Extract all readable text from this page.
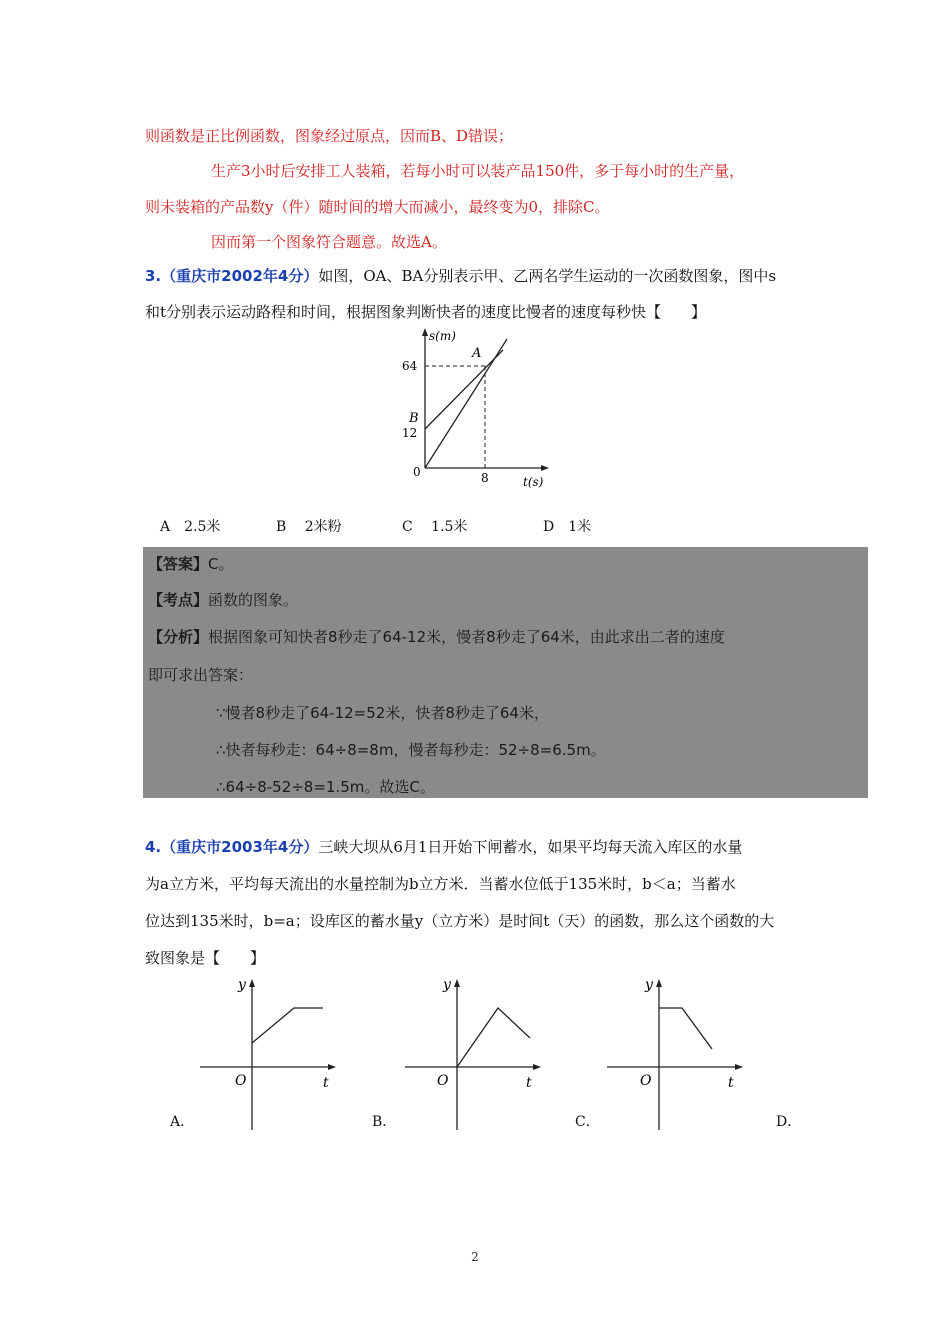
则函数是正比例函数，图象经过原点，因而B、D错误；
生产3小时后安排工人装箱，若每小时可以装产品150件，多于每小时的生产量，
则未装箱的产品数y（件）随时间的增大而减小，最终变为0，排除C。
因而第一个图象符合题意。故选A。
3.（重庆市2002年4分）如图，OA、BA分别表示甲、乙两名学生运动的一次函数图象，图中s
和t分别表示运动路程和时间，根据图象判断快者的速度比慢者的速度每秒快【　　】
s(m)
64
B
12
0
A
8	t(s)
A　2.5米	B　 2米粉	C　 1.5米	D　1米
【答案】C。
【考点】函数的图象。
【分析】根据图象可知快者8秒走了64-12米，慢者8秒走了64米，由此求出二者的速度
即可求出答案：
∵慢者8秒走了64-12=52米，快者8秒走了64米，
∴快者每秒走：64÷8=8m，慢者每秒走：52÷8=6.5m。
∴64÷8-52÷8=1.5m。故选C。
4.（重庆市2003年4分）三峡大坝从6月1日开始下闸蓄水，如果平均每天流入库区的水量
为a立方米，平均每天流出的水量控制为b立方米．当蓄水位低于135米时，b＜a；当蓄水
位达到135米时，b=a；设库区的蓄水量y（立方米）是时间t（天）的函数，那么这个函数的大
致图象是【　　】
y
O	t
A．
y
O	t
B．
y
O	t
C．	D．
2
